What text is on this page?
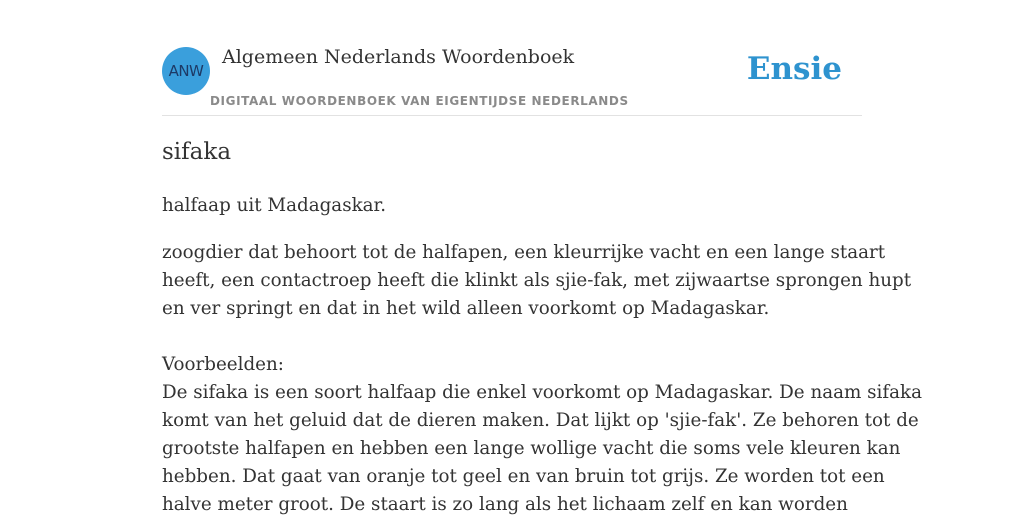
ANW
Algemeen Nederlands Woordenboek
DIGITAAL WOORDENBOEK VAN EIGENTIJDSE NEDERLANDS
Ensie
sifaka
halfaap uit Madagaskar.
zoogdier dat behoort tot de halfapen, een kleurrijke vacht en een lange staart
heeft, een contactroep heeft die klinkt als sjie-fak, met zijwaartse sprongen hupt
en ver springt en dat in het wild alleen voorkomt op Madagaskar.
Voorbeelden:
De sifaka is een soort halfaap die enkel voorkomt op Madagaskar. De naam sifaka
komt van het geluid dat de dieren maken. Dat lijkt op 'sjie-fak'. Ze behoren tot de
grootste halfapen en hebben een lange wollige vacht die soms vele kleuren kan
hebben. Dat gaat van oranje tot geel en van bruin tot grijs. Ze worden tot een
halve meter groot. De staart is zo lang als het lichaam zelf en kan worden
